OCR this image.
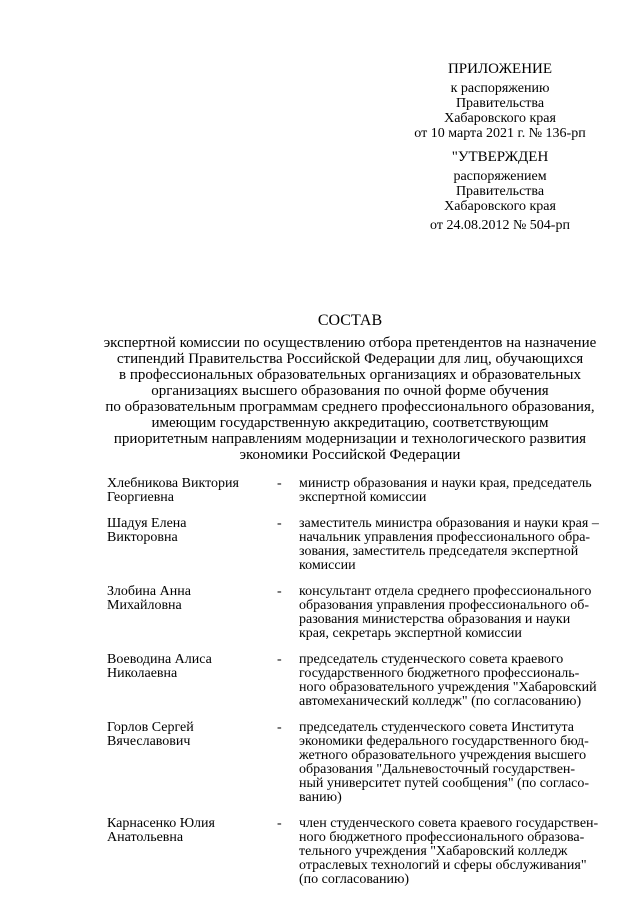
ПРИЛОЖЕНИЕ
к распоряжению
Правительства
Хабаровского края
от 10 марта 2021 г. № 136-рп
"УТВЕРЖДЕН
распоряжением
Правительства
Хабаровского края
от 24.08.2012 № 504-рп
СОСТАВ
экспертной комиссии по осуществлению отбора претендентов на назначение
стипендий Правительства Российской Федерации для лиц, обучающихся
в профессиональных образовательных организациях и образовательных
организациях высшего образования по очной форме обучения
по образовательным программам среднего профессионального образования,
имеющим государственную аккредитацию, соответствующим
приоритетным направлениям модернизации и технологического развития
экономики Российской Федерации
Хлебникова Виктория
Георгиевна
-	министр образования и науки края, председатель
экспертной комиссии
Шадуя Елена
Викторовна
-	заместитель министра образования и науки края –
начальник управления профессионального обра-
зования, заместитель председателя экспертной
комиссии
Злобина Анна
Михайловна
-	консультант отдела среднего профессионального
образования управления профессионального об-
разования министерства образования и науки
края, секретарь экспертной комиссии
Воеводина Алиса
Николаевна
-	председатель студенческого совета краевого
государственного бюджетного профессиональ-
ного образовательного учреждения "Хабаровский
автомеханический колледж" (по согласованию)
Горлов Сергей
Вячеславович
-	председатель студенческого совета Института
экономики федерального государственного бюд-
жетного образовательного учреждения высшего
образования "Дальневосточный государствен-
ный университет путей сообщения" (по согласо-
ванию)
Карнасенко Юлия
Анатольевна
-	член студенческого совета краевого государствен-
ного бюджетного профессионального образова-
тельного учреждения "Хабаровский колледж
отраслевых технологий и сферы обслуживания"
(по согласованию)
